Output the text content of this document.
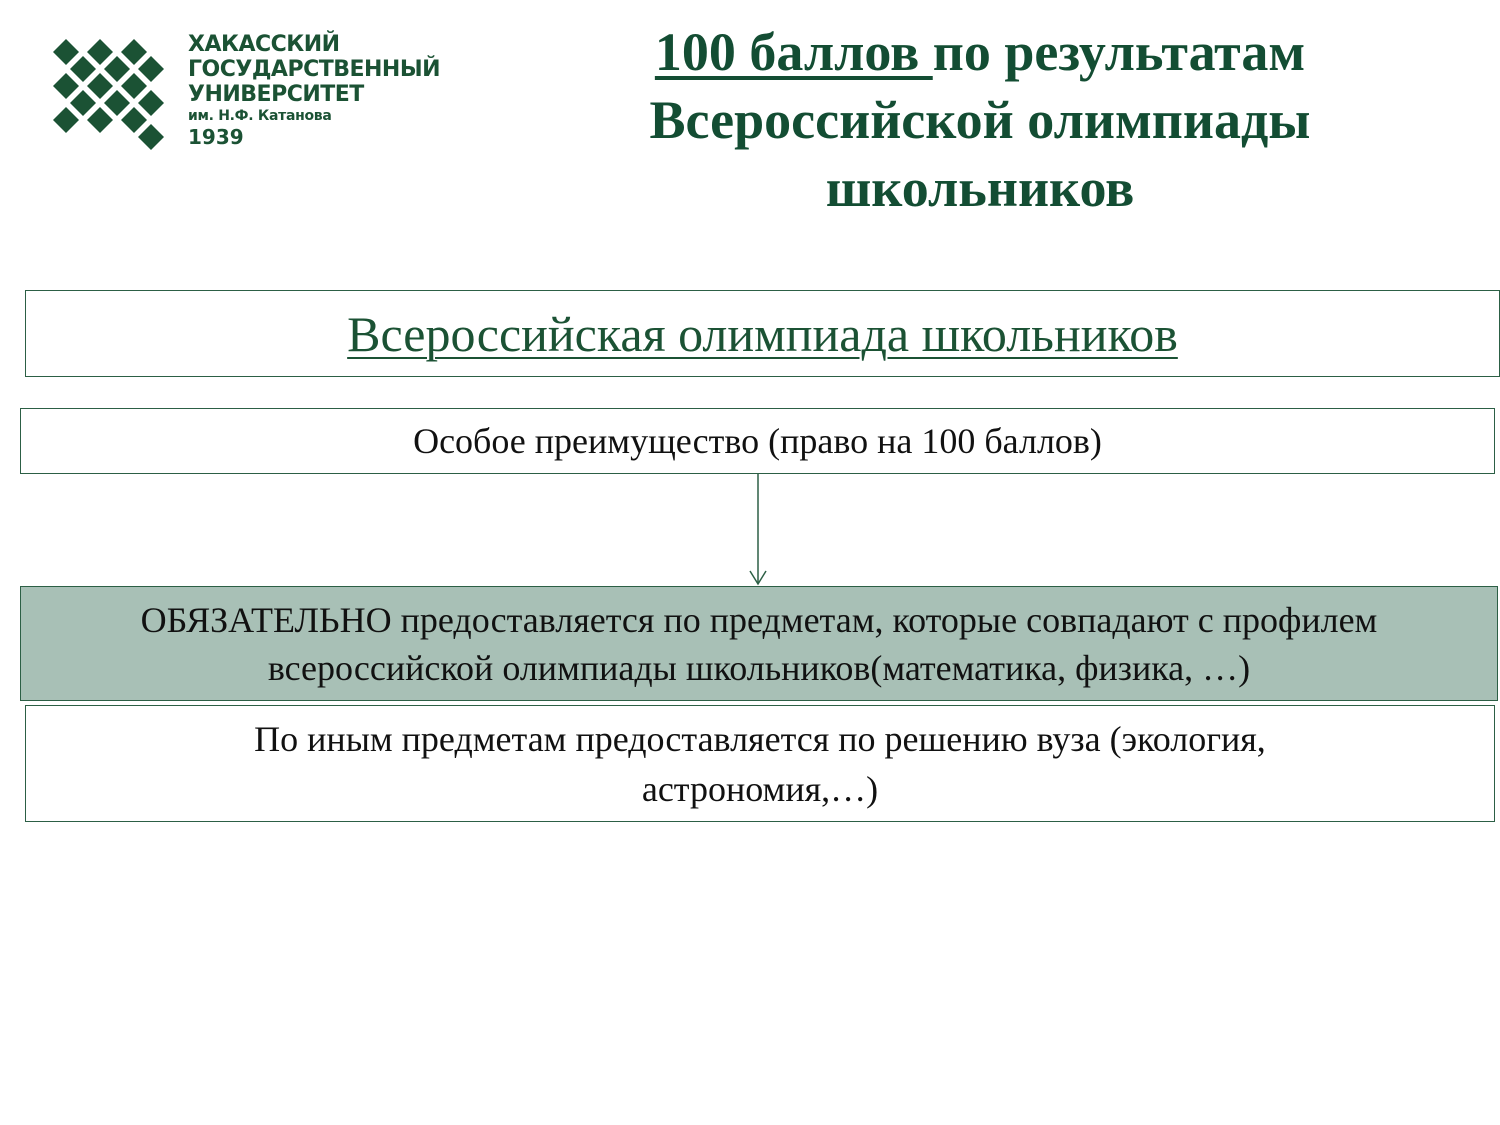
ХАКАССКИЙ
ГОСУДАРСТВЕННЫЙ
УНИВЕРСИТЕТ
им. Н.Ф. Катанова
1939
100 баллов по результатам Всероссийской олимпиады школьников
Всероссийская олимпиада школьников
Особое преимущество (право на 100 баллов)
ОБЯЗАТЕЛЬНО предоставляется по предметам, которые совпадают с профилем всероссийской олимпиады школьников(математика, физика, …)
По иным предметам предоставляется по решению вуза (экология, астрономия,…)
